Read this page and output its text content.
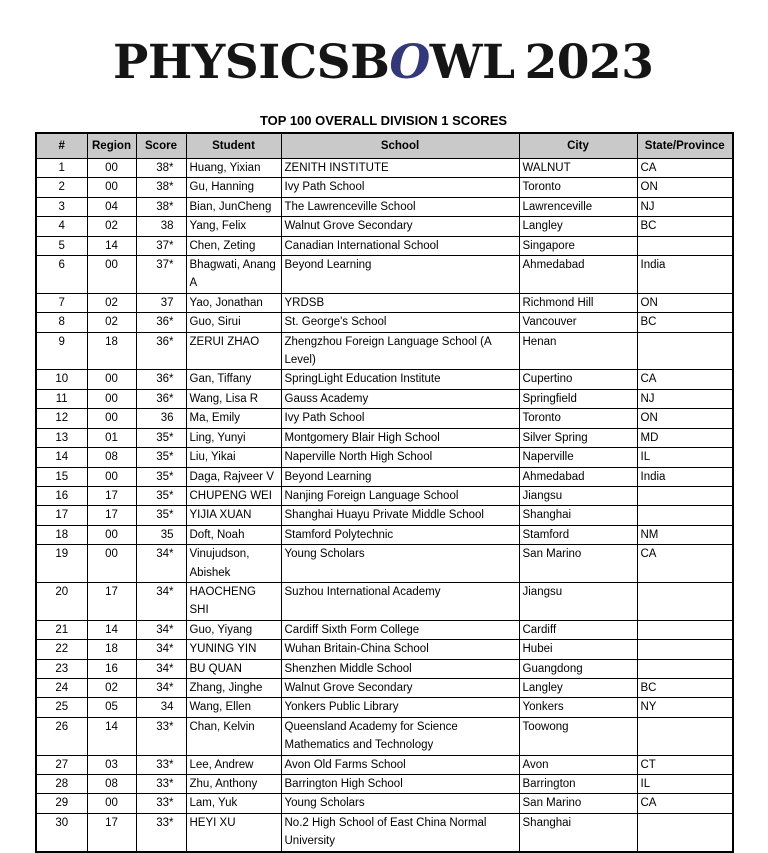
PHYSICSBOWL 2023
TOP 100 OVERALL DIVISION 1 SCORES
#	Region	Score	Student	School	City	State/Province
1	00	38*	Huang, Yixian	ZENITH INSTITUTE	WALNUT	CA
2	00	38*	Gu, Hanning	Ivy Path School	Toronto	ON
3	04	38*	Bian, JunCheng	The Lawrenceville School	Lawrenceville	NJ
4	02	38	Yang, Felix	Walnut Grove Secondary	Langley	BC
5	14	37*	Chen, Zeting	Canadian International School	Singapore	
6	00	37*	Bhagwati, Anang A	Beyond Learning	Ahmedabad	India
7	02	37	Yao, Jonathan	YRDSB	Richmond Hill	ON
8	02	36*	Guo, Sirui	St. George's School	Vancouver	BC
9	18	36*	ZERUI ZHAO	Zhengzhou Foreign Language School (A Level)	Henan	
10	00	36*	Gan, Tiffany	SpringLight Education Institute	Cupertino	CA
11	00	36*	Wang, Lisa R	Gauss Academy	Springfield	NJ
12	00	36	Ma, Emily	Ivy Path School	Toronto	ON
13	01	35*	Ling, Yunyi	Montgomery Blair High School	Silver Spring	MD
14	08	35*	Liu, Yikai	Naperville North High School	Naperville	IL
15	00	35*	Daga, Rajveer V	Beyond Learning	Ahmedabad	India
16	17	35*	CHUPENG WEI	Nanjing Foreign Language School	Jiangsu	
17	17	35*	YIJIA XUAN	Shanghai Huayu Private Middle School	Shanghai	
18	00	35	Doft, Noah	Stamford Polytechnic	Stamford	NM
19	00	34*	Vinujudson, Abishek	Young Scholars	San Marino	CA
20	17	34*	HAOCHENG SHI	Suzhou International Academy	Jiangsu	
21	14	34*	Guo, Yiyang	Cardiff Sixth Form College	Cardiff	
22	18	34*	YUNING YIN	Wuhan Britain-China School	Hubei	
23	16	34*	BU QUAN	Shenzhen Middle School	Guangdong	
24	02	34*	Zhang, Jinghe	Walnut Grove Secondary	Langley	BC
25	05	34	Wang, Ellen	Yonkers Public Library	Yonkers	NY
26	14	33*	Chan, Kelvin	Queensland Academy for Science Mathematics and Technology	Toowong	
27	03	33*	Lee, Andrew	Avon Old Farms School	Avon	CT
28	08	33*	Zhu, Anthony	Barrington High School	Barrington	IL
29	00	33*	Lam, Yuk	Young Scholars	San Marino	CA
30	17	33*	HEYI XU	No.2 High School of East China Normal University	Shanghai	
